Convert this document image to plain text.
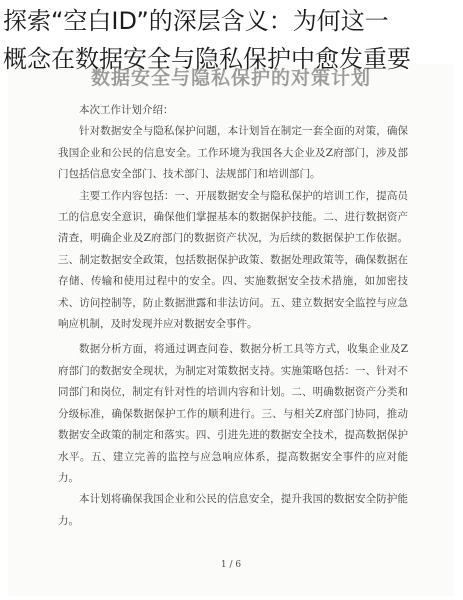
探索“空白ID”的深层含义：为何这一
概念在数据安全与隐私保护中愈发重要
数据安全与隐私保护的对策计划

本次工作计划介绍：

针对数据安全与隐私保护问题，本计划旨在制定一套全面的对策，确保我国企业和公民的信息安全。工作环境为我国各大企业及Z府部门，涉及部门包括信息安全部门、技术部门、法规部门和培训部门。

主要工作内容包括：一、开展数据安全与隐私保护的培训工作，提高员工的信息安全意识，确保他们掌握基本的数据保护技能。二、进行数据资产清查，明确企业及Z府部门的数据资产状况，为后续的数据保护工作依据。三、制定数据安全政策，包括数据保护政策、数据处理政策等，确保数据在存储、传输和使用过程中的安全。四、实施数据安全技术措施，如加密技术、访问控制等，防止数据泄露和非法访问。五、建立数据安全监控与应急响应机制，及时发现并应对数据安全事件。

数据分析方面，将通过调查问卷、数据分析工具等方式，收集企业及Z府部门的数据安全现状，为制定对策数据支持。实施策略包括：一、针对不同部门和岗位，制定有针对性的培训内容和计划。二、明确数据资产分类和分级标准，确保数据保护工作的顺利进行。三、与相关Z府部门协同，推动数据安全政策的制定和落实。四、引进先进的数据安全技术，提高数据保护水平。五、建立完善的监控与应急响应体系，提高数据安全事件的应对能力。

本计划将确保我国企业和公民的信息安全，提升我国的数据安全防护能力。

1 / 6
